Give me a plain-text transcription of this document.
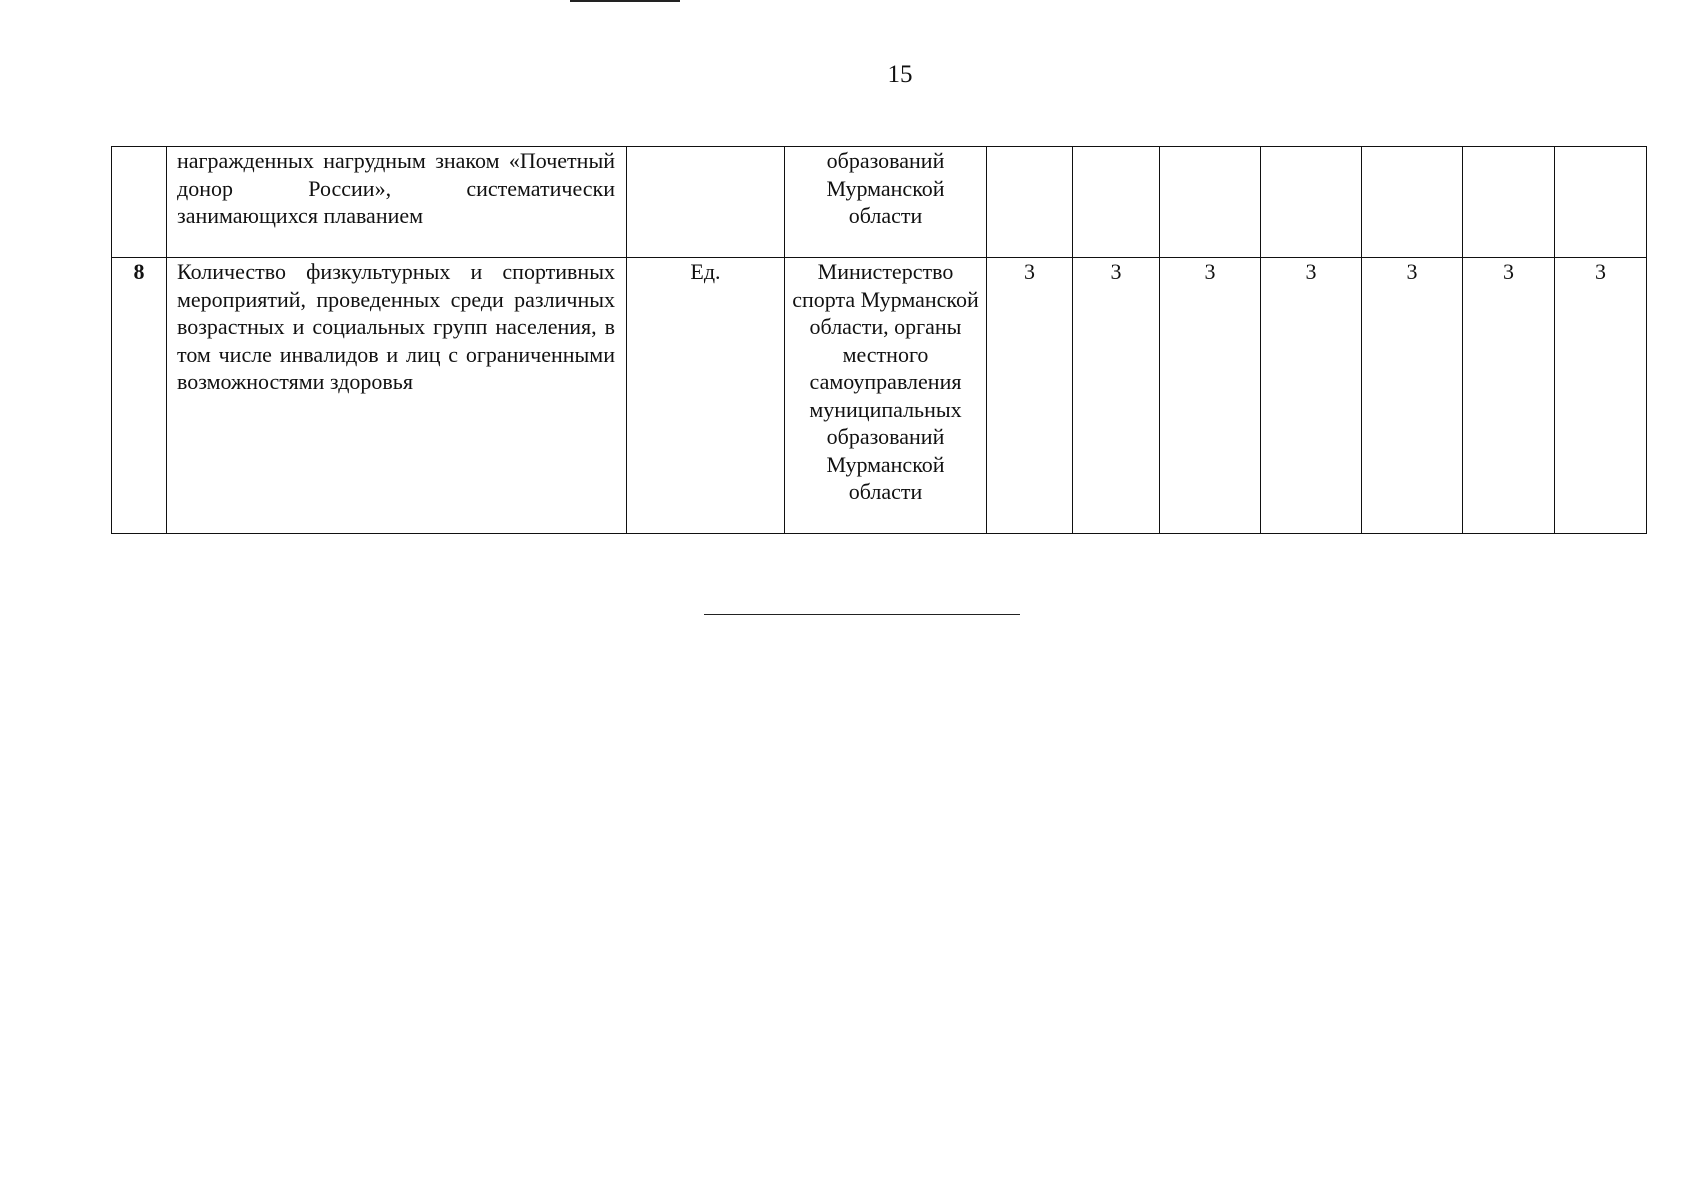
15
	награжденных нагрудным знаком «Почетный донор России», систематически занимающихся плаванием		образований Мурманской области							
8	Количество физкультурных и спортивных мероприятий, проведенных среди различных возрастных и социальных групп населения, в том числе инвалидов и лиц с ограниченными возможностями здоровья	Ед.	Министерство спорта Мурманской области, органы местного самоуправления муниципальных образований Мурманской области	3	3	3	3	3	3	3
